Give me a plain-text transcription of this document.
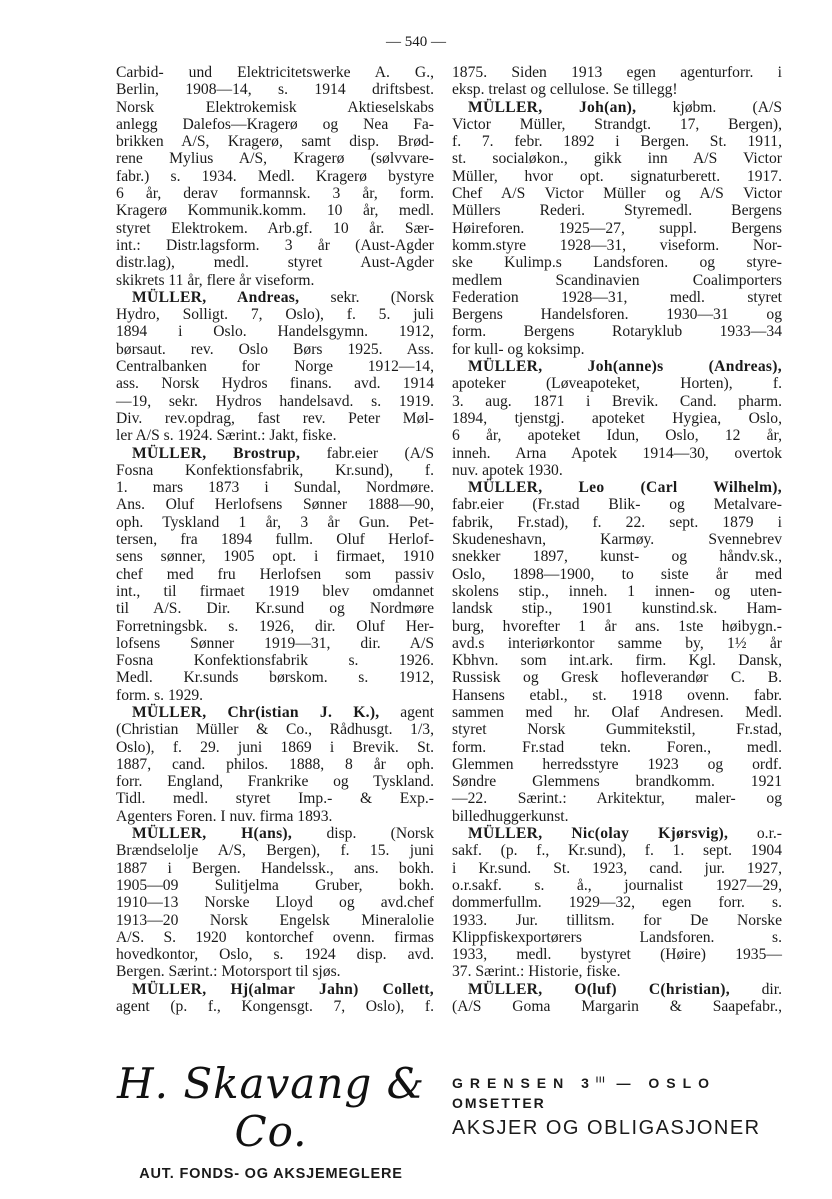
— 540 —
Carbid- und Elektricitetswerke A. G.,
Berlin, 1908—14, s. 1914 driftsbest.
Norsk Elektrokemisk Aktieselskabs
anlegg Dalefos—Kragerø og Nea Fa-
brikken A/S, Kragerø, samt disp. Brød-
rene Mylius A/S, Kragerø (sølvvare-
fabr.) s. 1934. Medl. Kragerø bystyre
6 år, derav formannsk. 3 år, form.
Kragerø Kommunik.komm. 10 år, medl.
styret Elektrokem. Arb.gf. 10 år. Sær-
int.: Distr.lagsform. 3 år (Aust-Agder
distr.lag), medl. styret Aust-Agder
skikrets 11 år, flere år viseform.
MÜLLER, Andreas, sekr. (Norsk
Hydro, Solligt. 7, Oslo), f. 5. juli
1894 i Oslo. Handelsgymn. 1912,
børsaut. rev. Oslo Børs 1925. Ass.
Centralbanken for Norge 1912—14,
ass. Norsk Hydros finans. avd. 1914
—19, sekr. Hydros handelsavd. s. 1919.
Div. rev.opdrag, fast rev. Peter Møl-
ler A/S s. 1924. Særint.: Jakt, fiske.
MÜLLER, Brostrup, fabr.eier (A/S
Fosna Konfektionsfabrik, Kr.sund), f.
1. mars 1873 i Sundal, Nordmøre.
Ans. Oluf Herlofsens Sønner 1888—90,
oph. Tyskland 1 år, 3 år Gun. Pet-
tersen, fra 1894 fullm. Oluf Herlof-
sens sønner, 1905 opt. i firmaet, 1910
chef med fru Herlofsen som passiv
int., til firmaet 1919 blev omdannet
til A/S. Dir. Kr.sund og Nordmøre
Forretningsbk. s. 1926, dir. Oluf Her-
lofsens Sønner 1919—31, dir. A/S
Fosna Konfektionsfabrik s. 1926.
Medl. Kr.sunds børskom. s. 1912,
form. s. 1929.
MÜLLER, Chr(istian J. K.), agent
(Christian Müller & Co., Rådhusgt. 1/3,
Oslo), f. 29. juni 1869 i Brevik. St.
1887, cand. philos. 1888, 8 år oph.
forr. England, Frankrike og Tyskland.
Tidl. medl. styret Imp.- & Exp.-
Agenters Foren. I nuv. firma 1893.
MÜLLER, H(ans), disp. (Norsk
Brændselolje A/S, Bergen), f. 15. juni
1887 i Bergen. Handelssk., ans. bokh.
1905—09 Sulitjelma Gruber, bokh.
1910—13 Norske Lloyd og avd.chef
1913—20 Norsk Engelsk Mineralolie
A/S. S. 1920 kontorchef ovenn. firmas
hovedkontor, Oslo, s. 1924 disp. avd.
Bergen. Særint.: Motorsport til sjøs.
MÜLLER, Hj(almar Jahn) Collett,
agent (p. f., Kongensgt. 7, Oslo), f.
1875. Siden 1913 egen agenturforr. i
eksp. trelast og cellulose. Se tillegg!
MÜLLER, Joh(an), kjøbm. (A/S
Victor Müller, Strandgt. 17, Bergen),
f. 7. febr. 1892 i Bergen. St. 1911,
st. socialøkon., gikk inn A/S Victor
Müller, hvor opt. signaturberett. 1917.
Chef A/S Victor Müller og A/S Victor
Müllers Rederi. Styremedl. Bergens
Høireforen. 1925—27, suppl. Bergens
komm.styre 1928—31, viseform. Nor-
ske Kulimp.s Landsforen. og styre-
medlem Scandinavien Coalimporters
Federation 1928—31, medl. styret
Bergens Handelsforen. 1930—31 og
form. Bergens Rotaryklub 1933—34
for kull- og koksimp.
MÜLLER, Joh(anne)s (Andreas),
apoteker (Løveapoteket, Horten), f.
3. aug. 1871 i Brevik. Cand. pharm.
1894, tjenstgj. apoteket Hygiea, Oslo,
6 år, apoteket Idun, Oslo, 12 år,
inneh. Arna Apotek 1914—30, overtok
nuv. apotek 1930.
MÜLLER, Leo (Carl Wilhelm),
fabr.eier (Fr.stad Blik- og Metalvare-
fabrik, Fr.stad), f. 22. sept. 1879 i
Skudeneshavn, Karmøy. Svennebrev
snekker 1897, kunst- og håndv.sk.,
Oslo, 1898—1900, to siste år med
skolens stip., inneh. 1 innen- og uten-
landsk stip., 1901 kunstind.sk. Ham-
burg, hvorefter 1 år ans. 1ste høibygn.-
avd.s interiørkontor samme by, 1½ år
Kbhvn. som int.ark. firm. Kgl. Dansk,
Russisk og Gresk hofleverandør C. B.
Hansens etabl., st. 1918 ovenn. fabr.
sammen med hr. Olaf Andresen. Medl.
styret Norsk Gummitekstil, Fr.stad,
form. Fr.stad tekn. Foren., medl.
Glemmen herredsstyre 1923 og ordf.
Søndre Glemmens brandkomm. 1921
—22. Særint.: Arkitektur, maler- og
billedhuggerkunst.
MÜLLER, Nic(olay Kjørsvig), o.r.-
sakf. (p. f., Kr.sund), f. 1. sept. 1904
i Kr.sund. St. 1923, cand. jur. 1927,
o.r.sakf. s. å., journalist 1927—29,
dommerfullm. 1929—32, egen forr. s.
1933. Jur. tillitsm. for De Norske
Klippfiskexportørers Landsforen. s.
1933, medl. bystyret (Høire) 1935—
37. Særint.: Historie, fiske.
MÜLLER, O(luf) C(hristian), dir.
(A/S Goma Margarin & Saapefabr.,
H. Skavang & Co.
AUT. FONDS- OG AKSJEMEGLERE
GRENSEN $3^{III}$ — OSLO
OMSETTER
AKSJER OG OBLIGASJONER
